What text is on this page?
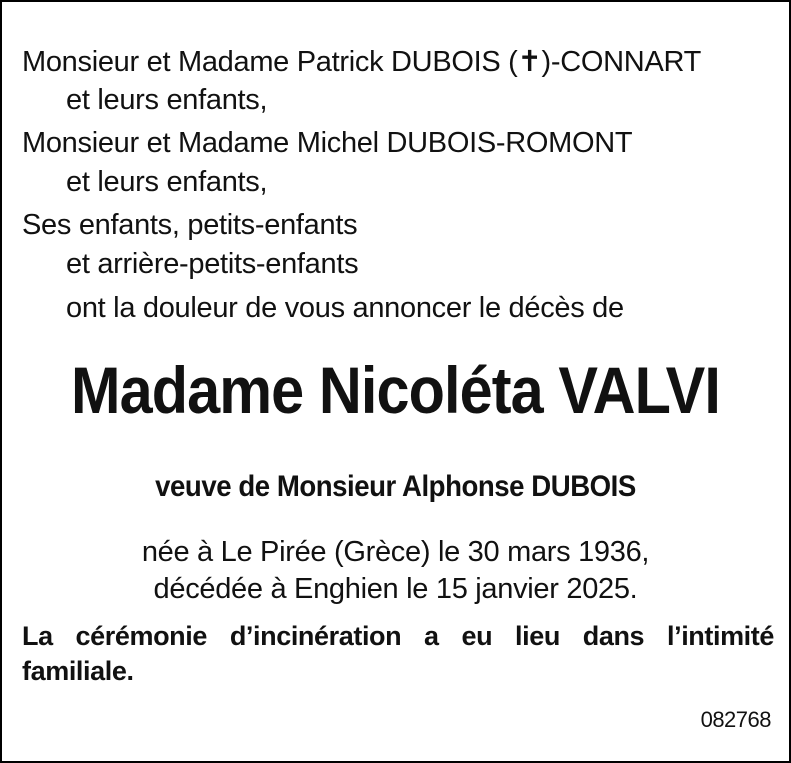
Monsieur et Madame Patrick DUBOIS (✝)-CONNART
et leurs enfants,
Monsieur et Madame Michel DUBOIS-ROMONT
et leurs enfants,
Ses enfants, petits-enfants
et arrière-petits-enfants
ont la douleur de vous annoncer le décès de
Madame Nicoléta VALVI
veuve de Monsieur Alphonse DUBOIS
née à Le Pirée (Grèce) le 30 mars 1936,
décédée à Enghien le 15 janvier 2025.
La cérémonie d’incinération a eu lieu dans l’intimité
familiale.
082768
